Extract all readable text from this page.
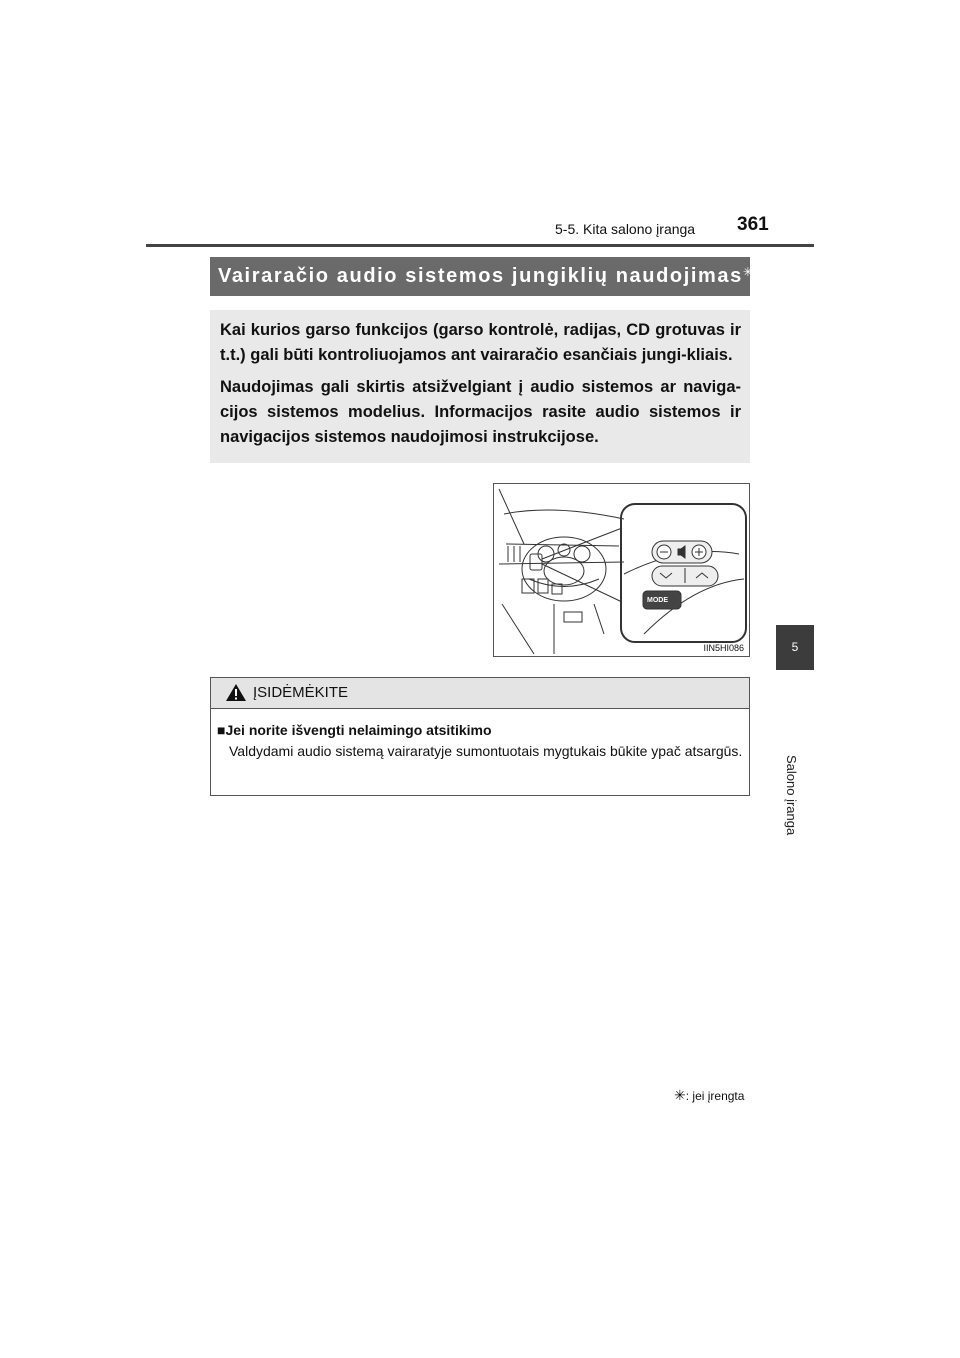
5-5. Kita salono įranga 361
5
Salono įranga
Vairaračio audio sistemos jungiklių naudojimas✳

Kai kurios garso funkcijos (garso kontrolė, radijas, CD grotuvas ir t.t.) gali būti kontroliuojamos ant vairaračio esančiais jungi-kliais.

Naudojimas gali skirtis atsižvelgiant į audio sistemos ar naviga-cijos sistemos modelius. Informacijos rasite audio sistemos ir navigacijos sistemos naudojimosi instrukcijose.

MODE
IIN5HI086
ĮSIDĖMĖKITE
■Jei norite išvengti nelaimingo atsitikimo
Valdydami audio sistemą vairaratyje sumontuotais mygtukais būkite ypač atsargūs.
✳: jei įrengta
